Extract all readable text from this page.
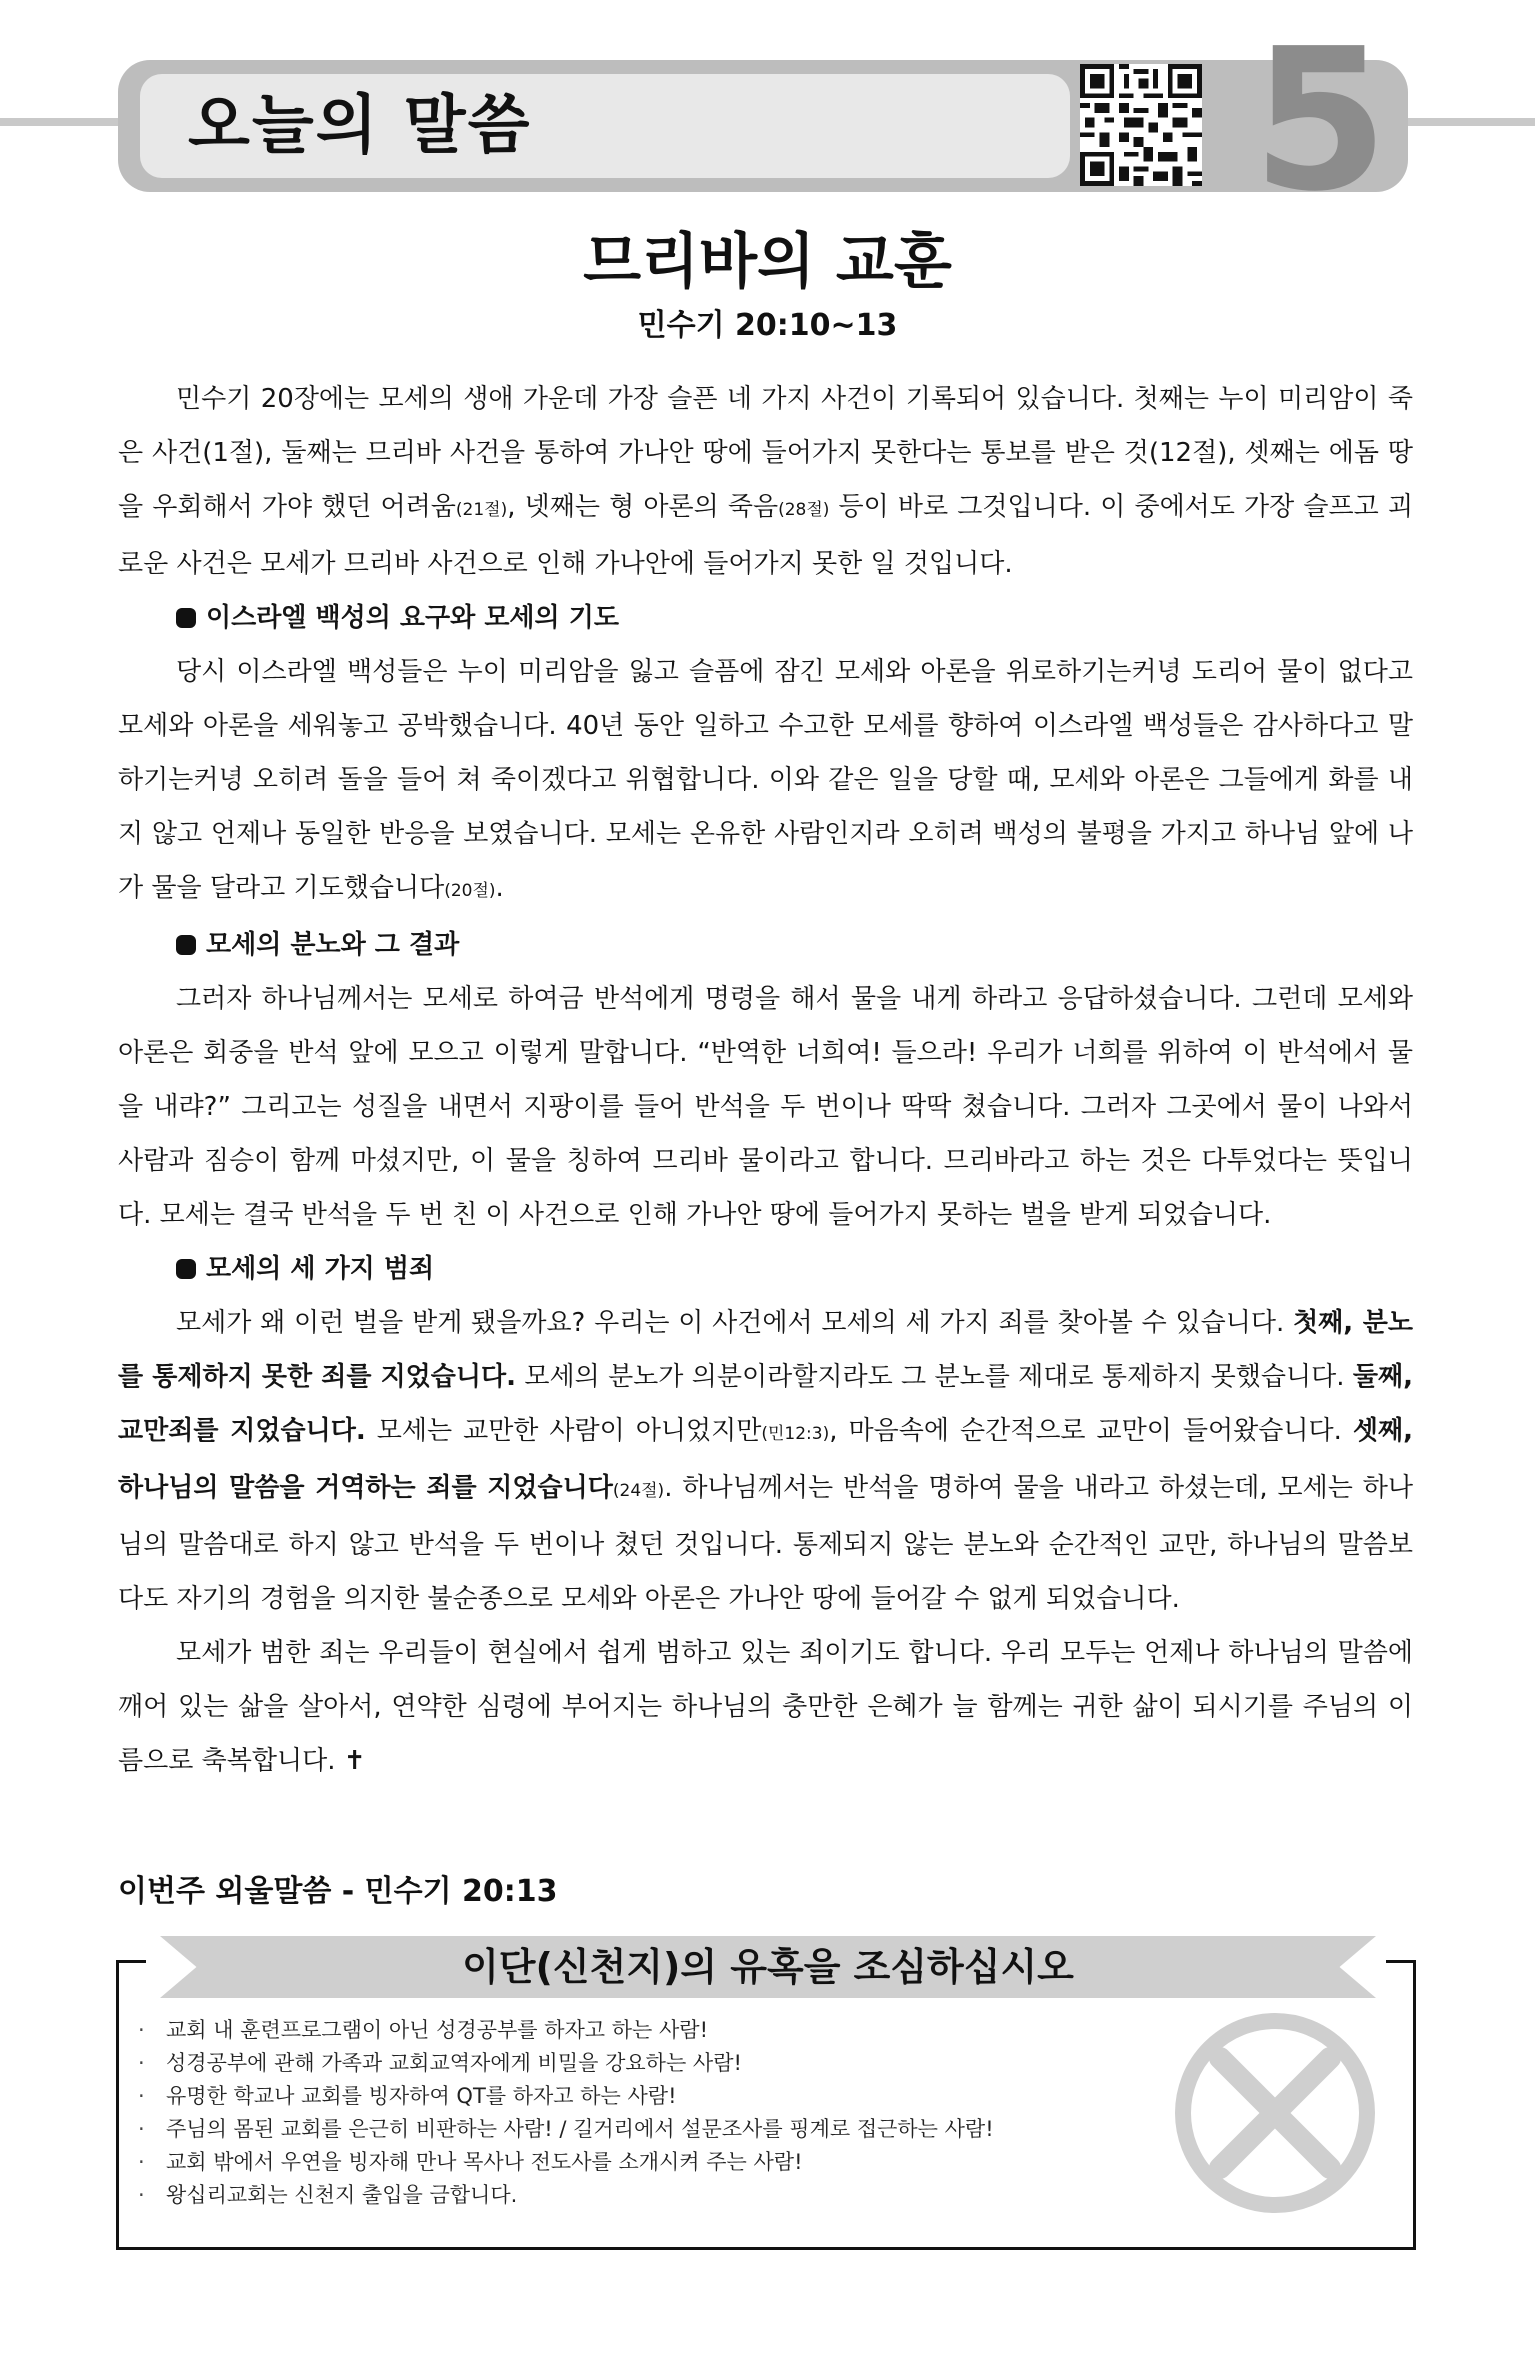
오늘의 말씀	5
므리바의 교훈
민수기 20:10~13

민수기 20장에는 모세의 생애 가운데 가장 슬픈 네 가지 사건이 기록되어 있습니다. 첫째는 누이 미리암이 죽은 사건(1절), 둘째는 므리바 사건을 통하여 가나안 땅에 들어가지 못한다는 통보를 받은 것(12절), 셋째는 에돔 땅을 우회해서 가야 했던 어려움(21절), 넷째는 형 아론의 죽음(28절) 등이 바로 그것입니다. 이 중에서도 가장 슬프고 괴로운 사건은 모세가 므리바 사건으로 인해 가나안에 들어가지 못한 일 것입니다.

이스라엘 백성의 요구와 모세의 기도

당시 이스라엘 백성들은 누이 미리암을 잃고 슬픔에 잠긴 모세와 아론을 위로하기는커녕 도리어 물이 없다고 모세와 아론을 세워놓고 공박했습니다. 40년 동안 일하고 수고한 모세를 향하여 이스라엘 백성들은 감사하다고 말하기는커녕 오히려 돌을 들어 쳐 죽이겠다고 위협합니다. 이와 같은 일을 당할 때, 모세와 아론은 그들에게 화를 내지 않고 언제나 동일한 반응을 보였습니다. 모세는 온유한 사람인지라 오히려 백성의 불평을 가지고 하나님 앞에 나가 물을 달라고 기도했습니다(20절).

모세의 분노와 그 결과

그러자 하나님께서는 모세로 하여금 반석에게 명령을 해서 물을 내게 하라고 응답하셨습니다. 그런데 모세와 아론은 회중을 반석 앞에 모으고 이렇게 말합니다. “반역한 너희여! 들으라! 우리가 너희를 위하여 이 반석에서 물을 내랴?” 그리고는 성질을 내면서 지팡이를 들어 반석을 두 번이나 딱딱 쳤습니다. 그러자 그곳에서 물이 나와서 사람과 짐승이 함께 마셨지만, 이 물을 칭하여 므리바 물이라고 합니다. 므리바라고 하는 것은 다투었다는 뜻입니다. 모세는 결국 반석을 두 번 친 이 사건으로 인해 가나안 땅에 들어가지 못하는 벌을 받게 되었습니다.

모세의 세 가지 범죄

모세가 왜 이런 벌을 받게 됐을까요? 우리는 이 사건에서 모세의 세 가지 죄를 찾아볼 수 있습니다. 첫째, 분노를 통제하지 못한 죄를 지었습니다. 모세의 분노가 의분이라할지라도 그 분노를 제대로 통제하지 못했습니다. 둘째, 교만죄를 지었습니다. 모세는 교만한 사람이 아니었지만(민12:3), 마음속에 순간적으로 교만이 들어왔습니다. 셋째, 하나님의 말씀을 거역하는 죄를 지었습니다(24절). 하나님께서는 반석을 명하여 물을 내라고 하셨는데, 모세는 하나님의 말씀대로 하지 않고 반석을 두 번이나 쳤던 것입니다. 통제되지 않는 분노와 순간적인 교만, 하나님의 말씀보다도 자기의 경험을 의지한 불순종으로 모세와 아론은 가나안 땅에 들어갈 수 없게 되었습니다.

모세가 범한 죄는 우리들이 현실에서 쉽게 범하고 있는 죄이기도 합니다. 우리 모두는 언제나 하나님의 말씀에 깨어 있는 삶을 살아서, 연약한 심령에 부어지는 하나님의 충만한 은혜가 늘 함께는 귀한 삶이 되시기를 주님의 이름으로 축복합니다. ✝

이번주 외울말씀 - 민수기 20:13
이단(신천지)의 유혹을 조심하십시오
· 교회 내 훈련프로그램이 아닌 성경공부를 하자고 하는 사람!
· 성경공부에 관해 가족과 교회교역자에게 비밀을 강요하는 사람!
· 유명한 학교나 교회를 빙자하여 QT를 하자고 하는 사람!
· 주님의 몸된 교회를 은근히 비판하는 사람! / 길거리에서 설문조사를 핑계로 접근하는 사람!
· 교회 밖에서 우연을 빙자해 만나 목사나 전도사를 소개시켜 주는 사람!
· 왕십리교회는 신천지 출입을 금합니다.
